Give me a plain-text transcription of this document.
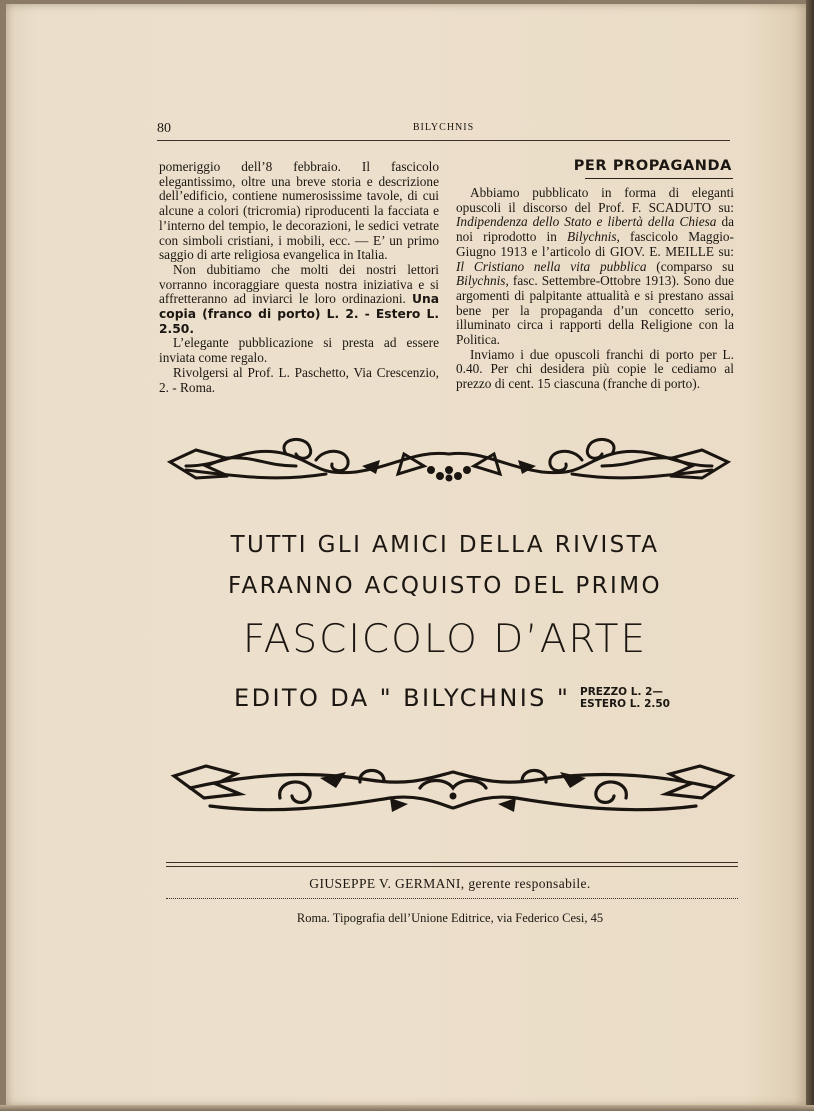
80	BILYCHNIS

pomeriggio dell’8 febbraio. Il fascicolo elegantissimo, oltre una breve storia e descrizione dell’edificio, contiene numerosissime tavole, di cui alcune a colori (tricromia) riproducenti la facciata e l’interno del tempio, le decorazioni, le sedici vetrate con simboli cristiani, i mobili, ecc. — E’ un primo saggio di arte religiosa evangelica in Italia.

Non dubitiamo che molti dei nostri lettori vorranno incoraggiare questa nostra iniziativa e si affretteranno ad inviarci le loro ordinazioni. Una copia (franco di porto) L. 2. - Estero L. 2.50.

L’elegante pubblicazione si presta ad essere inviata come regalo.

Rivolgersi al Prof. L. Paschetto, Via Crescenzio, 2. - Roma.

PER PROPAGANDA

Abbiamo pubblicato in forma di eleganti opuscoli il discorso del Prof. F. SCADUTO su: Indipendenza dello Stato e libertà della Chiesa da noi riprodotto in Bilychnis, fascicolo Maggio-Giugno 1913 e l’articolo di GIOV. E. MEILLE su: Il Cristiano nella vita pubblica (comparso su Bilychnis, fasc. Settembre-Ottobre 1913). Sono due argomenti di palpitante attualità e si prestano assai bene per la propaganda d’un concetto serio, illuminato circa i rapporti della Religione con la Politica.

Inviamo i due opuscoli franchi di porto per L. 0.40. Per chi desidera più copie le cediamo al prezzo di cent. 15 ciascuna (franche di porto).

TUTTI GLI AMICI DELLA RIVISTA
FARANNO ACQUISTO DEL PRIMO
FASCICOLO D’ARTE
EDITO DA " BILYCHNIS " PREZZO L. 2—
ESTERO L. 2.50
GIUSEPPE V. GERMANI, gerente responsabile.
Roma. Tipografia dell’Unione Editrice, via Federico Cesi, 45
